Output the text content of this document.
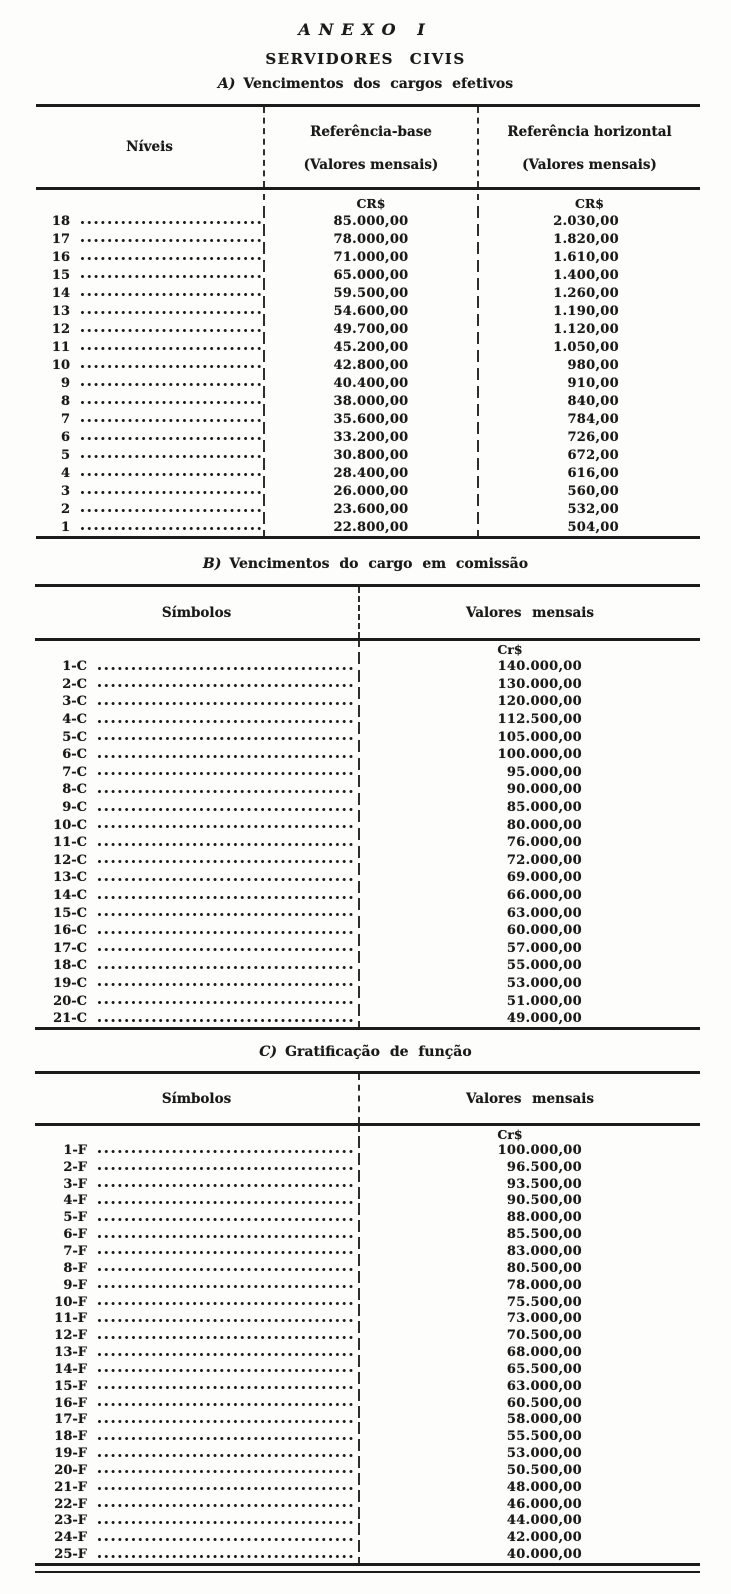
ANEXO I
SERVIDORES CIVIS
A) Vencimentos dos cargos efetivos
Níveis
Referência-base
(Valores mensais)
Referência horizontal
(Valores mensais)
CR$	CR$
18	85.000,00	2.030,00
17	78.000,00	1.820,00
16	71.000,00	1.610,00
15	65.000,00	1.400,00
14	59.500,00	1.260,00
13	54.600,00	1.190,00
12	49.700,00	1.120,00
11	45.200,00	1.050,00
10	42.800,00	980,00
9	40.400,00	910,00
8	38.000,00	840,00
7	35.600,00	784,00
6	33.200,00	726,00
5	30.800,00	672,00
4	28.400,00	616,00
3	26.000,00	560,00
2	23.600,00	532,00
1	22.800,00	504,00
B) Vencimentos do cargo em comissão
Símbolos	Valores mensais
Cr$
1-C	140.000,00
2-C	130.000,00
3-C	120.000,00
4-C	112.500,00
5-C	105.000,00
6-C	100.000,00
7-C	95.000,00
8-C	90.000,00
9-C	85.000,00
10-C	80.000,00
11-C	76.000,00
12-C	72.000,00
13-C	69.000,00
14-C	66.000,00
15-C	63.000,00
16-C	60.000,00
17-C	57.000,00
18-C	55.000,00
19-C	53.000,00
20-C	51.000,00
21-C	49.000,00
C) Gratificação de função
Símbolos	Valores mensais
Cr$
1-F	100.000,00
2-F	96.500,00
3-F	93.500,00
4-F	90.500,00
5-F	88.000,00
6-F	85.500,00
7-F	83.000,00
8-F	80.500,00
9-F	78.000,00
10-F	75.500,00
11-F	73.000,00
12-F	70.500,00
13-F	68.000,00
14-F	65.500,00
15-F	63.000,00
16-F	60.500,00
17-F	58.000,00
18-F	55.500,00
19-F	53.000,00
20-F	50.500,00
21-F	48.000,00
22-F	46.000,00
23-F	44.000,00
24-F	42.000,00
25-F	40.000,00
